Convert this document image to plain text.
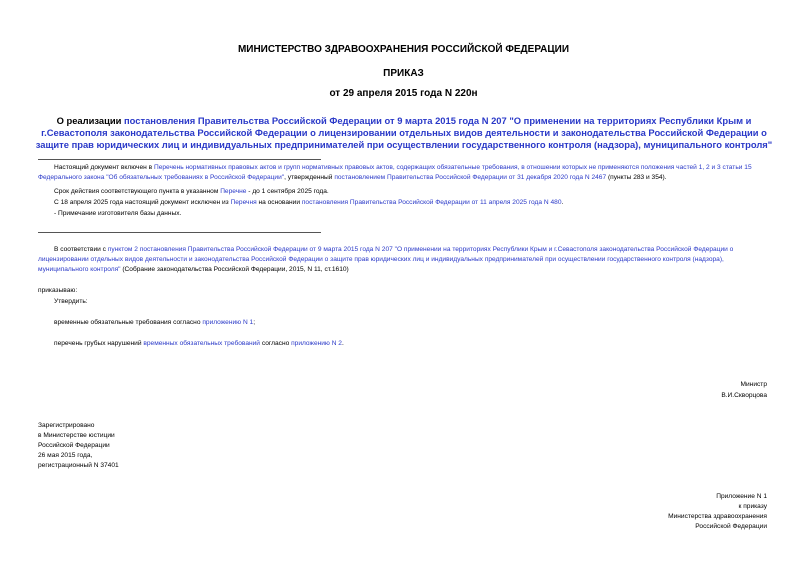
МИНИСТЕРСТВО ЗДРАВООХРАНЕНИЯ РОССИЙСКОЙ ФЕДЕРАЦИИ
ПРИКАЗ
от 29 апреля 2015 года N 220н
О реализации постановления Правительства Российской Федерации от 9 марта 2015 года N 207 "О применении на территориях Республики Крым и г.Севастополя законодательства Российской Федерации о лицензировании отдельных видов деятельности и законодательства Российской Федерации о защите прав юридических лиц и индивидуальных предпринимателей при осуществлении государственного контроля (надзора), муниципального контроля"

Настоящий документ включен в Перечень нормативных правовых актов и групп нормативных правовых актов, содержащих обязательные требования, в отношении которых не применяются положения частей 1, 2 и 3 статьи 15 Федерального закона "Об обязательных требованиях в Российской Федерации", утвержденный постановлением Правительства Российской Федерации от 31 декабря 2020 года N 2467 (пункты 283 и 354).

Срок действия соответствующего пункта в указанном Перечне - до 1 сентября 2025 года.

С 18 апреля 2025 года настоящий документ исключен из Перечня на основании постановления Правительства Российской Федерации от 11 апреля 2025 года N 480.

- Примечание изготовителя базы данных.

В соответствии с пунктом 2 постановления Правительства Российской Федерации от 9 марта 2015 года N 207 "О применении на территориях Республики Крым и г.Севастополя законодательства Российской Федерации о лицензировании отдельных видов деятельности и законодательства Российской Федерации о защите прав юридических лиц и индивидуальных предпринимателей при осуществлении государственного контроля (надзора), муниципального контроля" (Собрание законодательства Российской Федерации, 2015, N 11, ст.1610)

приказываю:
Утвердить:
временные обязательные требования согласно приложению N 1;
перечень грубых нарушений временных обязательных требований согласно приложению N 2.
Министр
В.И.Скворцова

Зарегистрировано

в Министерстве юстиции

Российской Федерации

26 мая 2015 года,

регистрационный N 37401

Приложение N 1

к приказу

Министерства здравоохранения

Российской Федерации
